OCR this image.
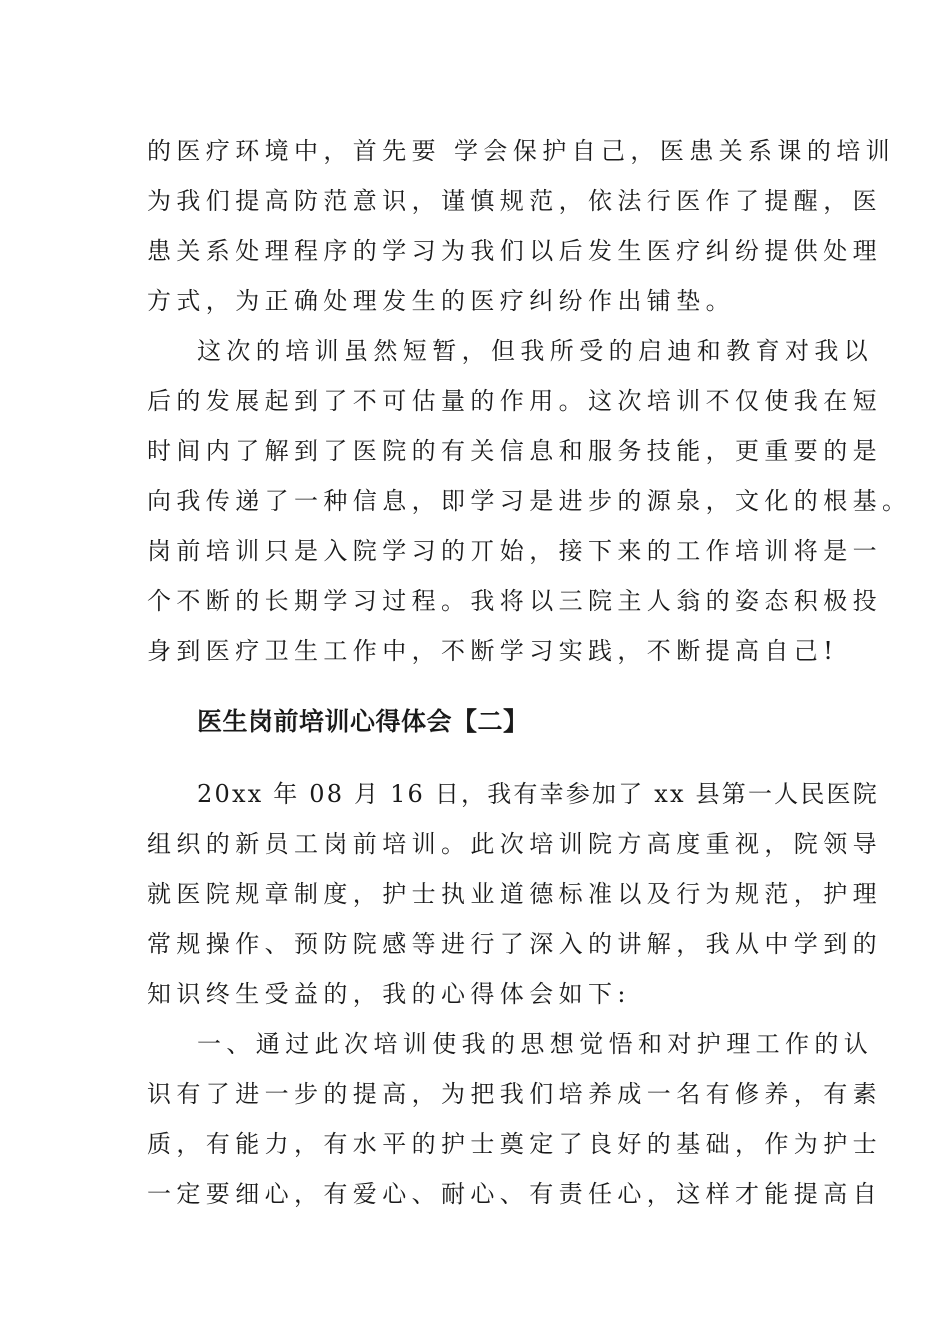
的医疗环境中，首先要 学会保护自己，医患关系课的培训
为我们提高防范意识，谨慎规范，依法行医作了提醒，医
患关系处理程序的学习为我们以后发生医疗纠纷提供处理
方式，为正确处理发生的医疗纠纷作出铺垫。
这次的培训虽然短暂，但我所受的启迪和教育对我以
后的发展起到了不可估量的作用。这次培训不仅使我在短
时间内了解到了医院的有关信息和服务技能，更重要的是
向我传递了一种信息，即学习是进步的源泉，文化的根基。
岗前培训只是入院学习的丌始，接下来的工作培训将是一
个不断的长期学习过程。我将以三院主人翁的姿态积极投
身到医疗卫生工作中，不断学习实践，不断提高自己!
医生岗前培训心得体会【二】
20xx 年 08 月 16 日，我有幸参加了 xx 县第一人民医院
组织的新员工岗前培训。此次培训院方高度重视，院领导
就医院规章制度，护士执业道德标准以及行为规范，护理
常规操作、预防院感等进行了深入的讲解，我从中学到的
知识终生受益的，我的心得体会如下:
一、通过此次培训使我的思想觉悟和对护理工作的认
识有了进一步的提高，为把我们培养成一名有修养，有素
质，有能力，有水平的护士奠定了良好的基础，作为护士
一定要细心，有爱心、耐心、有责任心，这样才能提高自
